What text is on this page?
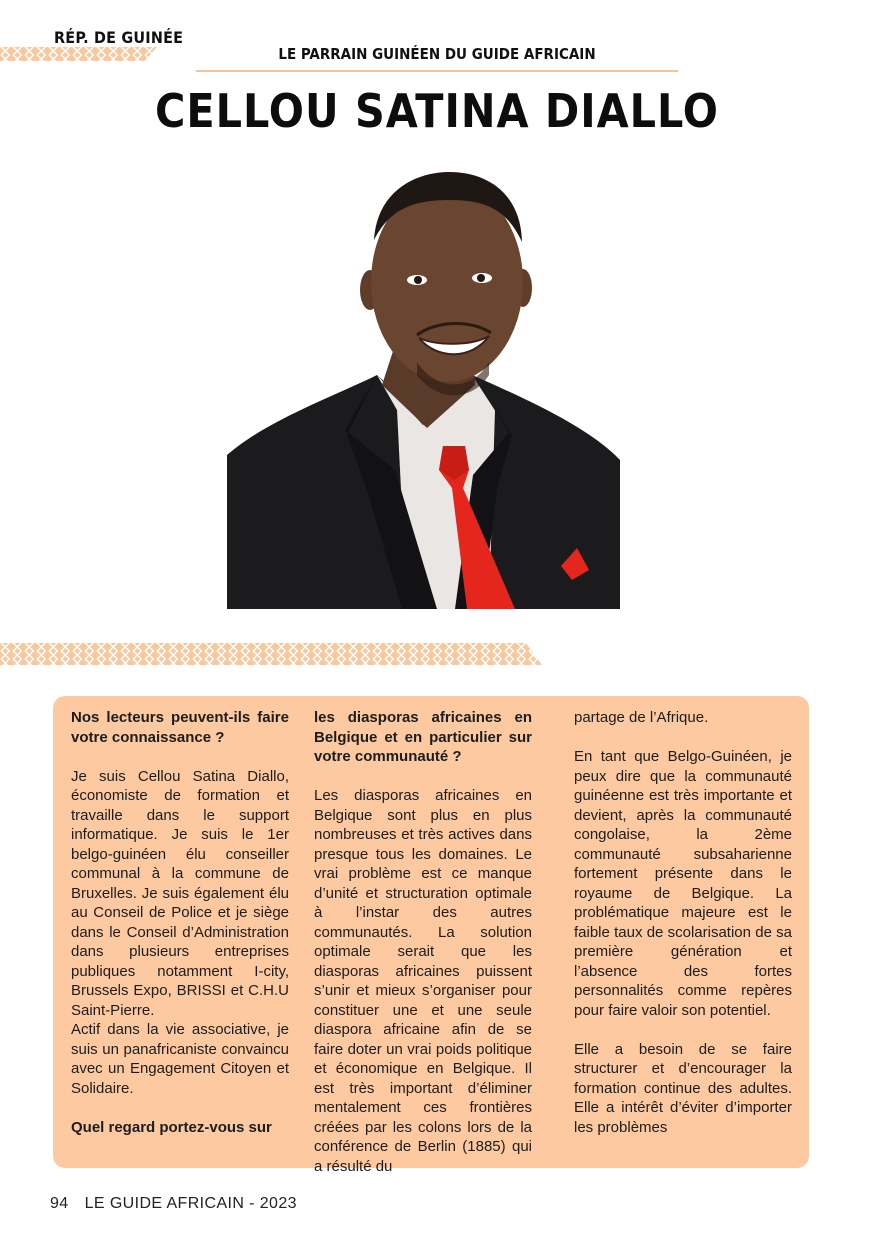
RÉP. DE GUINÉE
LE PARRAIN GUINÉEN DU GUIDE AFRICAIN
CELLOU SATINA DIALLO

Nos lecteurs peuvent-ils faire votre connaissance ?

Je suis Cellou Satina Diallo, économiste de formation et travaille dans le support informatique. Je suis le 1er belgo-guinéen élu conseiller communal à la commune de Bruxelles. Je suis également élu au Conseil de Police et je siège dans le Conseil d’Administration dans plusieurs entreprises publiques notamment I-city, Brussels Expo, BRISSI et C.H.U Saint-Pierre.

Actif dans la vie associative, je suis un panafricaniste convaincu avec un Engagement Citoyen et Solidaire.

Quel regard portez-vous sur

les diasporas africaines en Belgique et en particulier sur votre communauté ?

Les diasporas africaines en Belgique sont plus en plus nombreuses et très actives dans presque tous les domaines. Le vrai problème est ce manque d’unité et structuration optimale à l’instar des autres communautés. La solution optimale serait que les diasporas africaines puissent s’unir et mieux s’organiser pour constituer une et une seule diaspora africaine afin de se faire doter un vrai poids politique et économique en Belgique. Il est très important d’éliminer mentalement ces frontières créées par les colons lors de la conférence de Berlin (1885) qui a résulté du

partage de l’Afrique.

En tant que Belgo-Guinéen, je peux dire que la communauté guinéenne est très importante et devient, après la communauté congolaise, la 2ème communauté subsaharienne fortement présente dans le royaume de Belgique. La problématique majeure est le faible taux de scolarisation de sa première génération et l’absence des fortes personnalités comme repères pour faire valoir son potentiel.

Elle a besoin de se faire structurer et d’encourager la formation continue des adultes. Elle a intérêt d’éviter d’importer les problèmes

94 LE GUIDE AFRICAIN - 2023
